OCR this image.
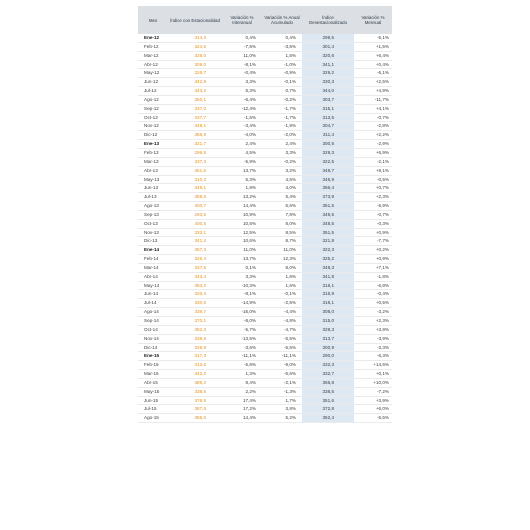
Mes	Índice con Estacionalidad	Variación % Interanual	Variación % Anual Acumulado	Índice Desestacionalizado	Variación % Mensual
Ene-12	314,3	0,4%	0,4%	299,5	-5,1%
Feb-12	324,5	-7,5%	-3,5%	301,4	+1,5%
Mar-12	328,0	11,0%	1,5%	320,6	+6,4%
Abr-12	309,0	-8,1%	-1,0%	341,1	+0,4%
May-12	326,7	-0,4%	-0,9%	329,2	-6,1%
Jun-12	342,9	3,3%	-0,1%	330,3	+2,5%
Jul-12	343,2	5,3%	0,7%	344,0	+4,9%
Ago-12	350,1	-6,4%	-0,2%	303,7	-11,7%
Sep-12	337,0	-12,4%	-1,7%	315,1	+4,1%
Oct-12	337,7	-1,5%	-1,7%	313,5	-0,7%
Nov-12	348,1	-3,4%	-1,9%	304,7	-2,8%
Dic-12	368,9	-4,0%	-2,0%	311,4	+2,2%
Ene-13	321,7	2,4%	2,4%	300,5	-2,9%
Feb-13	298,5	4,5%	3,3%	329,3	+6,9%
Mar-13	337,3	-5,9%	-0,2%	322,5	-2,1%
Abr-13	351,5	13,7%	3,2%	348,7	+8,1%
May-13	310,3	5,3%	4,5%	346,9	-0,5%
Jun-13	349,1	1,8%	4,0%	356,4	+0,7%
Jul-13	388,6	13,2%	5,4%	373,9	+2,3%
Ago-13	400,7	14,4%	6,6%	351,5	-5,9%
Sep-13	293,5	10,9%	7,8%	349,5	-0,7%
Oct-13	400,5	10,5%	8,0%	348,5	-0,3%
Nov-13	333,1	12,5%	8,5%	351,5	+0,9%
Dic-13	341,4	10,6%	8,7%	321,8	-7,7%
Ene-14	357,3	11,0%	11,0%	322,3	+0,2%
Feb-14	326,4	13,7%	12,3%	325,2	+0,9%
Mar-14	337,5	0,1%	8,0%	348,3	+7,1%
Abr-14	343,4	3,3%	1,8%	341,8	-1,8%
May-14	393,2	-10,3%	1,6%	318,1	-6,8%
Jun-14	320,4	-8,1%	-0,1%	316,9	-0,4%
Jul-14	330,6	-14,9%	-2,5%	318,1	+0,5%
Ago-14	338,7	-16,0%	-4,4%	308,0	-3,2%
Sep-14	370,1	-8,0%	-4,8%	315,0	+2,3%
Oct-14	382,3	-5,7%	-4,7%	329,3	+3,9%
Nov-14	338,8	-13,5%	-5,5%	313,7	-3,9%
Dic-14	328,9	-3,6%	-5,5%	300,9	-3,3%
Ene-15	317,3	-11,1%	-11,1%	290,0	-6,3%
Feb-15	313,6	-5,8%	-9,0%	332,3	+14,6%
Mar-15	342,2	1,3%	-5,6%	332,7	+0,1%
Abr-15	389,2	8,4%	-2,1%	366,8	+10,0%
May-15	338,5	2,2%	-1,3%	338,5	-7,2%
Jun-15	376,5	17,4%	1,7%	351,6	+3,9%
Jul-15	387,5	17,2%	3,8%	372,8	+6,0%
Ago-15	385,0	14,4%	5,2%	352,4	-5,5%
